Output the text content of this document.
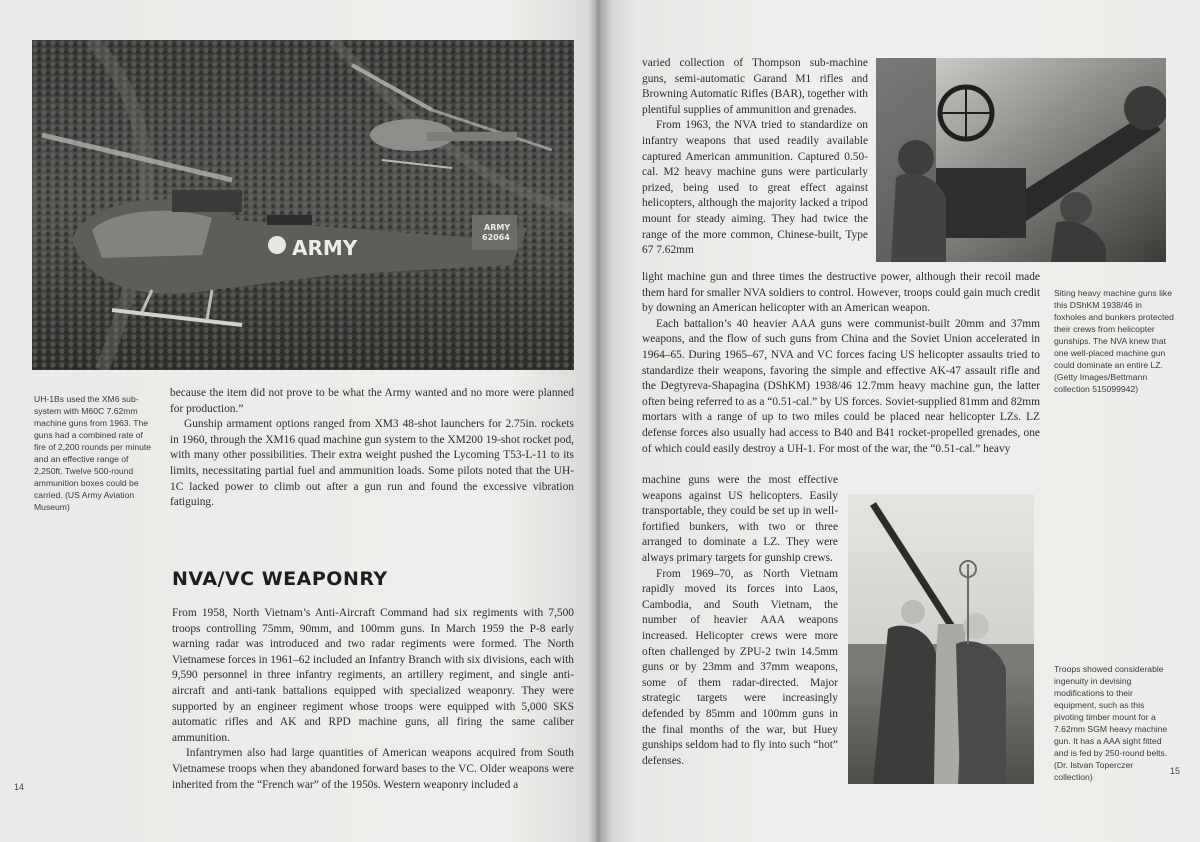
ARMY
ARMY
62064
UH-1Bs used the XM6 sub-system with M60C 7.62mm machine guns from 1963. The guns had a combined rate of fire of 2,200 rounds per minute and an effective range of 2,250ft. Twelve 500-round ammunition boxes could be carried. (US Army Aviation Museum)

because the item did not prove to be what the Army wanted and no more were planned for production.”

Gunship armament options ranged from XM3 48-shot launchers for 2.75in. rockets in 1960, through the XM16 quad machine gun system to the XM200 19-shot rocket pod, with many other possibilities. Their extra weight pushed the Lycoming T53-L-11 to its limits, necessitating partial fuel and ammunition loads. Some pilots noted that the UH-1C lacked power to climb out after a gun run and found the excessive vibration fatiguing.

NVA/VC WEAPONRY

From 1958, North Vietnam’s Anti-Aircraft Command had six regiments with 7,500 troops controlling 75mm, 90mm, and 100mm guns. In March 1959 the P-8 early warning radar was introduced and two radar regiments were formed. The North Vietnamese forces in 1961–62 included an Infantry Branch with six divisions, each with 9,590 personnel in three infantry regiments, an artillery regiment, and single anti-aircraft and anti-tank battalions equipped with specialized weaponry. They were supported by an engineer regiment whose troops were equipped with 5,000 SKS automatic rifles and AK and RPD machine guns, all firing the same caliber ammunition.

Infantrymen also had large quantities of American weapons acquired from South Vietnamese troops when they abandoned forward bases to the VC. Older weapons were inherited from the “French war” of the 1950s. Western weaponry included a

14

varied collection of Thompson sub-machine guns, semi-automatic Garand M1 rifles and Browning Automatic Rifles (BAR), together with plentiful supplies of ammunition and grenades.

From 1963, the NVA tried to standardize on infantry weapons that used readily available captured American ammunition. Captured 0.50-cal. M2 heavy machine guns were particularly prized, being used to great effect against helicopters, although the majority lacked a tripod mount for steady aiming. They had twice the range of the more common, Chinese-built, Type 67 7.62mm

Siting heavy machine guns like this DShKM 1938/46 in foxholes and bunkers protected their crews from helicopter gunships. The NVA knew that one well-placed machine gun could dominate an entire LZ. (Getty Images/Bettmann collection 515099942)

light machine gun and three times the destructive power, although their recoil made them hard for smaller NVA soldiers to control. However, troops could gain much credit by downing an American helicopter with an American weapon.

Each battalion’s 40 heavier AAA guns were communist-built 20mm and 37mm weapons, and the flow of such guns from China and the Soviet Union accelerated in 1964–65. During 1965–67, NVA and VC forces facing US helicopter assaults tried to standardize their weapons, favoring the simple and effective AK-47 assault rifle and the Degtyreva-Shapagina (DShKM) 1938/46 12.7mm heavy machine gun, the latter often being referred to as a “0.51-cal.” by US forces. Soviet-supplied 81mm and 82mm mortars with a range of up to two miles could be placed near helicopter LZs. LZ defense forces also usually had access to B40 and B41 rocket-propelled grenades, one of which could easily destroy a UH-1. For most of the war, the “0.51-cal.” heavy

machine guns were the most effective weapons against US helicopters. Easily transportable, they could be set up in well-fortified bunkers, with two or three arranged to dominate a LZ. They were always primary targets for gunship crews.

From 1969–70, as North Vietnam rapidly moved its forces into Laos, Cambodia, and South Vietnam, the number of heavier AAA weapons increased. Helicopter crews were more often challenged by ZPU-2 twin 14.5mm guns or by 23mm and 37mm weapons, some of them radar-directed. Major strategic targets were increasingly defended by 85mm and 100mm guns in the final months of the war, but Huey gunships seldom had to fly into such “hot” defenses.

Troops showed considerable ingenuity in devising modifications to their equipment, such as this pivoting timber mount for a 7.62mm SGM heavy machine gun. It has a AAA sight fitted and is fed by 250-round belts. (Dr. Istvan Toperczer collection)
15
